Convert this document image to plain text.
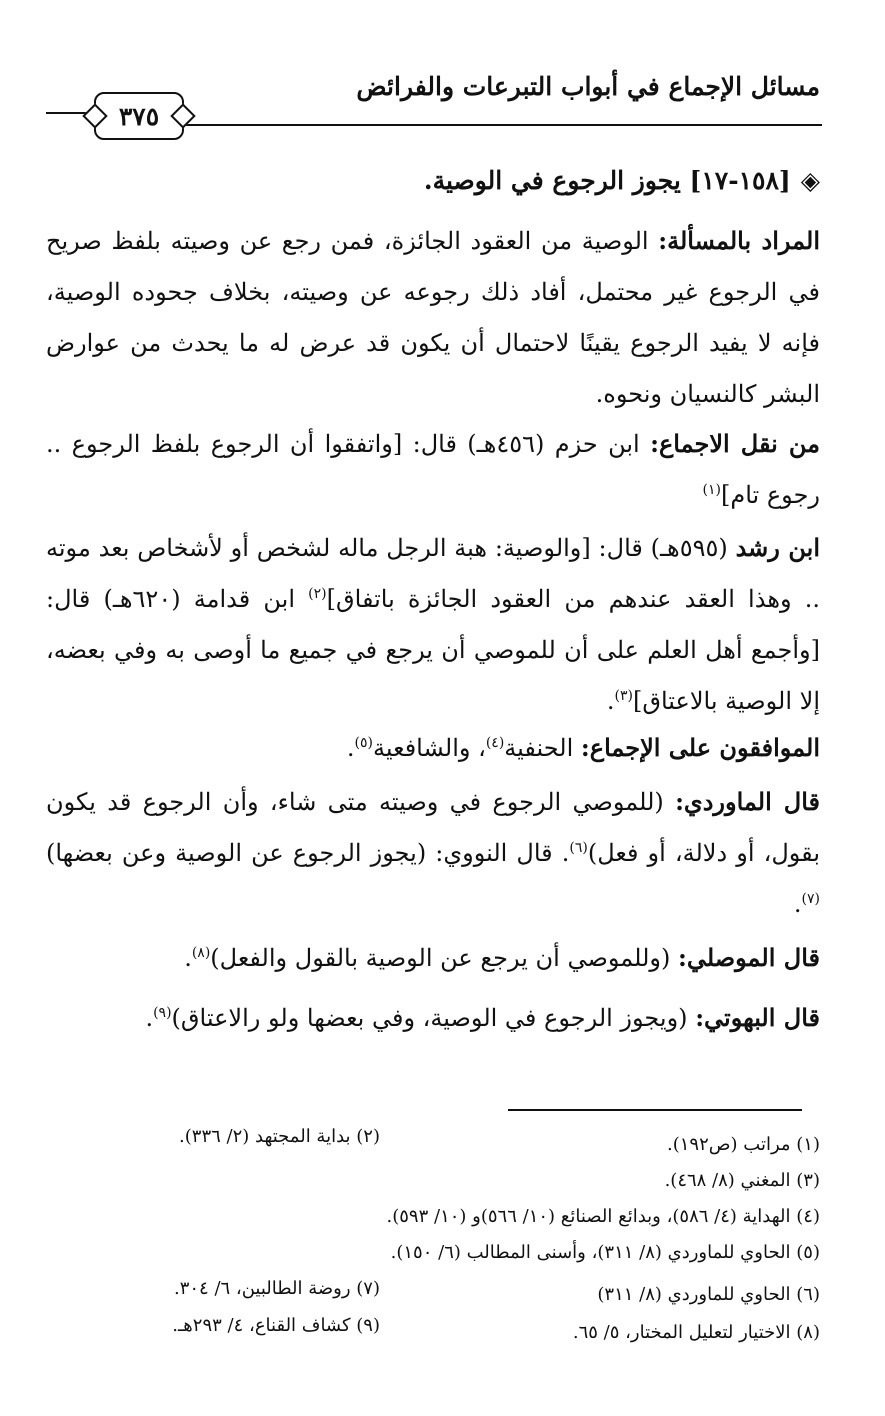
مسائل الإجماع في أبواب التبرعات والفرائض
٣٧٥
◈[١٥٨-١٧] يجوز الرجوع في الوصية.
المراد بالمسألة: الوصية من العقود الجائزة، فمن رجع عن وصيته بلفظ صريح في الرجوع غير محتمل، أفاد ذلك رجوعه عن وصيته، بخلاف جحوده الوصية، فإنه لا يفيد الرجوع يقينًا لاحتمال أن يكون قد عرض له ما يحدث من عوارض البشر كالنسيان ونحوه.
من نقل الاجماع: ابن حزم (٤٥٦هـ) قال: [واتفقوا أن الرجوع بلفظ الرجوع .. رجوع تام]$^{(١)}$
ابن رشد (٥٩٥هـ) قال: [والوصية: هبة الرجل ماله لشخص أو لأشخاص بعد موته .. وهذا العقد عندهم من العقود الجائزة باتفاق]$^{(٢)}$ ابن قدامة (٦٢٠هـ) قال: [وأجمع أهل العلم على أن للموصي أن يرجع في جميع ما أوصى به وفي بعضه، إلا الوصية بالاعتاق]$^{(٣)}$.
الموافقون على الإجماع: الحنفية$^{(٤)}$، والشافعية$^{(٥)}$.
قال الماوردي: (للموصي الرجوع في وصيته متى شاء، وأن الرجوع قد يكون بقول، أو دلالة، أو فعل)$^{(٦)}$. قال النووي: (يجوز الرجوع عن الوصية وعن بعضها)$^{(٧)}$.
قال الموصلي: (وللموصي أن يرجع عن الوصية بالقول والفعل)$^{(٨)}$.
قال البهوتي: (ويجوز الرجوع في الوصية، وفي بعضها ولو رالاعتاق)$^{(٩)}$.
(١) مراتب (ص١٩٢).
(٢) بداية المجتهد (٢/ ٣٣٦).
(٣) المغني (٨/ ٤٦٨).
(٤) الهداية (٤/ ٥٨٦)، وبدائع الصنائع (١٠/ ٥٦٦)و (١٠/ ٥٩٣).
(٥) الحاوي للماوردي (٨/ ٣١١)، وأسنى المطالب (٦/ ١٥٠).
(٦) الحاوي للماوردي (٨/ ٣١١)
(٧) روضة الطالبين، ٦/ ٣٠٤.
(٨) الاختيار لتعليل المختار، ٥/ ٦٥.
(٩) كشاف القناع، ٤/ ٢٩٣هـ.
